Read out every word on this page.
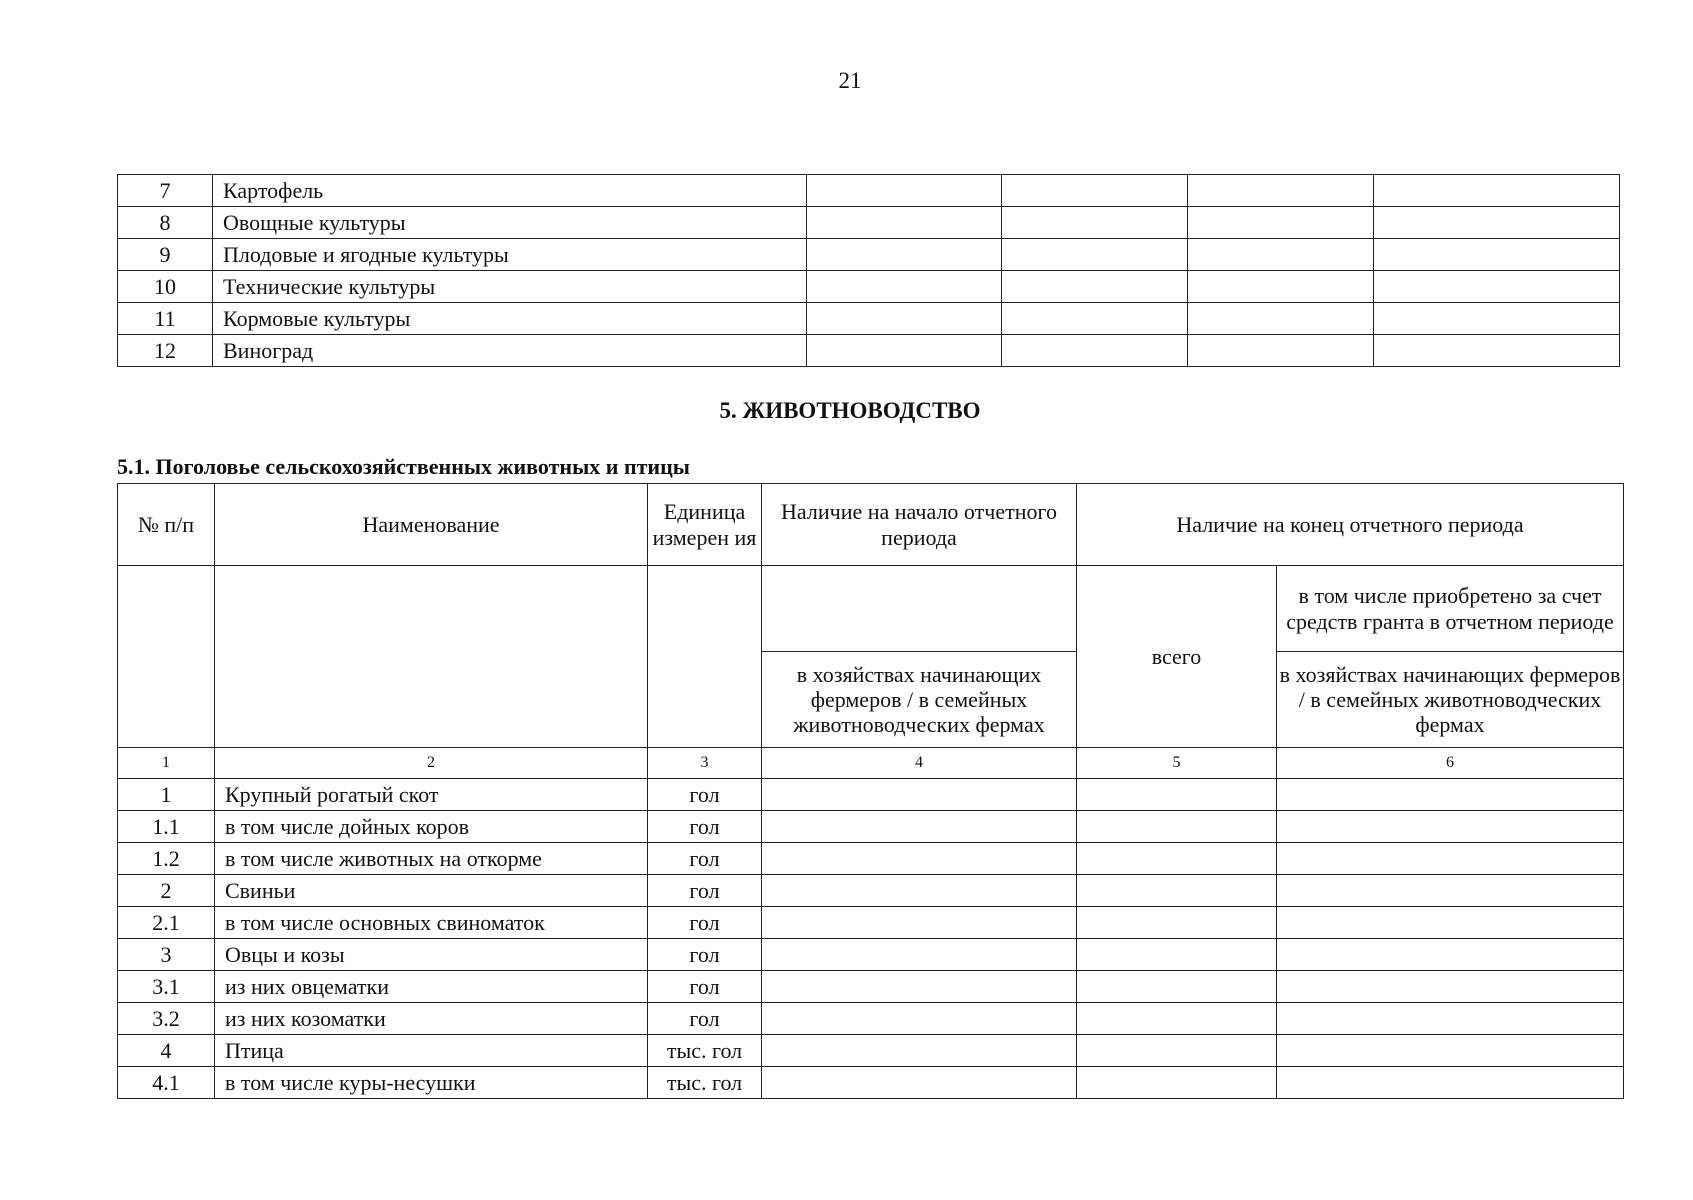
21
7	Картофель				
8	Овощные культуры				
9	Плодовые и ягодные культуры				
10	Технические культуры				
11	Кормовые культуры				
12	Виноград				
5. ЖИВОТНОВОДСТВО
5.1. Поголовье сельскохозяйственных животных и птицы
№ п/п	Наименование	Единица измерен ия	Наличие на начало отчетного периода	Наличие на конец отчетного периода	
				всего	в том числе приобретено за счет средств гранта в отчетном периоде
			в хозяйствах начинающих фермеров / в семейных животноводческих фермах		в хозяйствах начинающих фермеров / в семейных животноводческих фермах
1	2	3	4	5	6
1	Крупный рогатый скот	гол			
1.1	в том числе дойных коров	гол			
1.2	в том числе животных на откорме	гол			
2	Свиньи	гол			
2.1	в том числе основных свиноматок	гол			
3	Овцы и козы	гол			
3.1	из них овцематки	гол			
3.2	из них козоматки	гол			
4	Птица	тыс. гол			
4.1	в том числе куры-несушки	тыс. гол			
